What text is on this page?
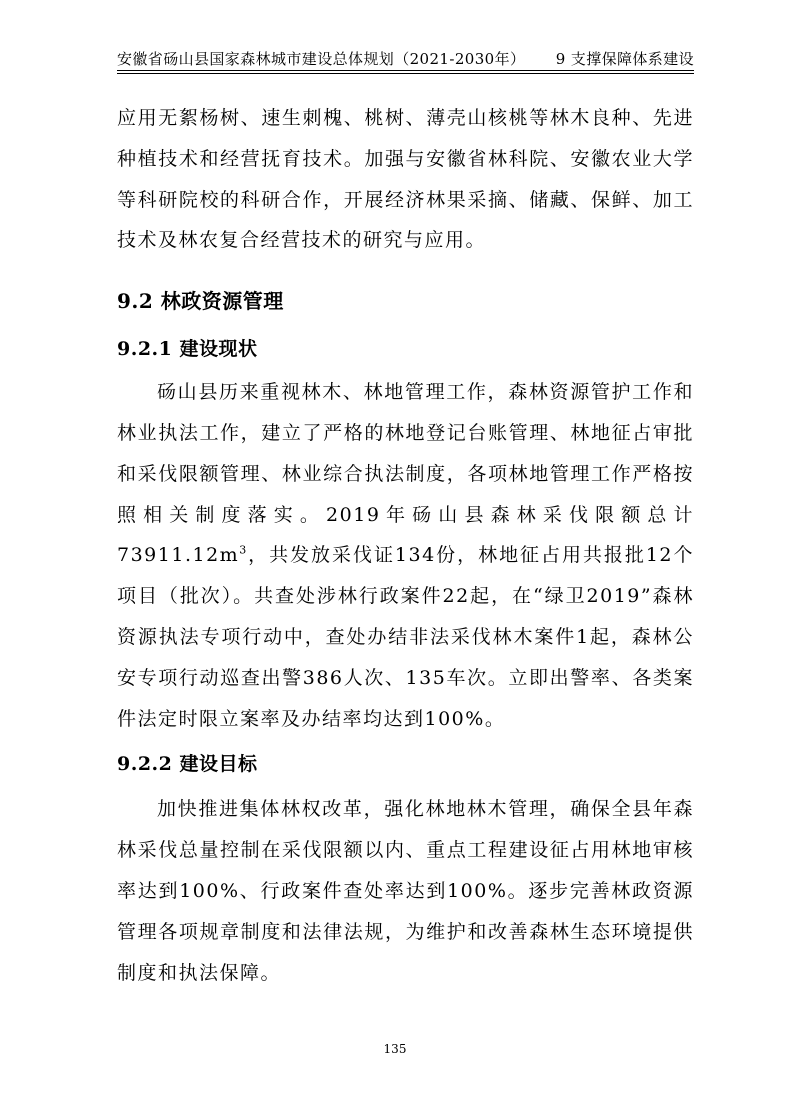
安徽省砀山县国家森林城市建设总体规划（2021-2030年） 9 支撑保障体系建设

应用无絮杨树、速生刺槐、桃树、薄壳山核桃等林木良种、先进种植技术和经营抚育技术。加强与安徽省林科院、安徽农业大学等科研院校的科研合作，开展经济林果采摘、储藏、保鲜、加工技术及林农复合经营技术的研究与应用。

9.2 林政资源管理
9.2.1 建设现状

砀山县历来重视林木、林地管理工作，森林资源管护工作和林业执法工作，建立了严格的林地登记台账管理、林地征占审批和采伐限额管理、林业综合执法制度，各项林地管理工作严格按照相关制度落实。2019年砀山县森林采伐限额总计$73911.12m^3$，共发放采伐证134份，林地征占用共报批12个项目（批次）。共查处涉林行政案件22起，在“绿卫2019”森林资源执法专项行动中，查处办结非法采伐林木案件1起，森林公安专项行动巡查出警386人次、135车次。立即出警率、各类案件法定时限立案率及办结率均达到100%。

9.2.2 建设目标

加快推进集体林权改革，强化林地林木管理，确保全县年森林采伐总量控制在采伐限额以内、重点工程建设征占用林地审核率达到100%、行政案件查处率达到100%。逐步完善林政资源管理各项规章制度和法律法规，为维护和改善森林生态环境提供制度和执法保障。

135
